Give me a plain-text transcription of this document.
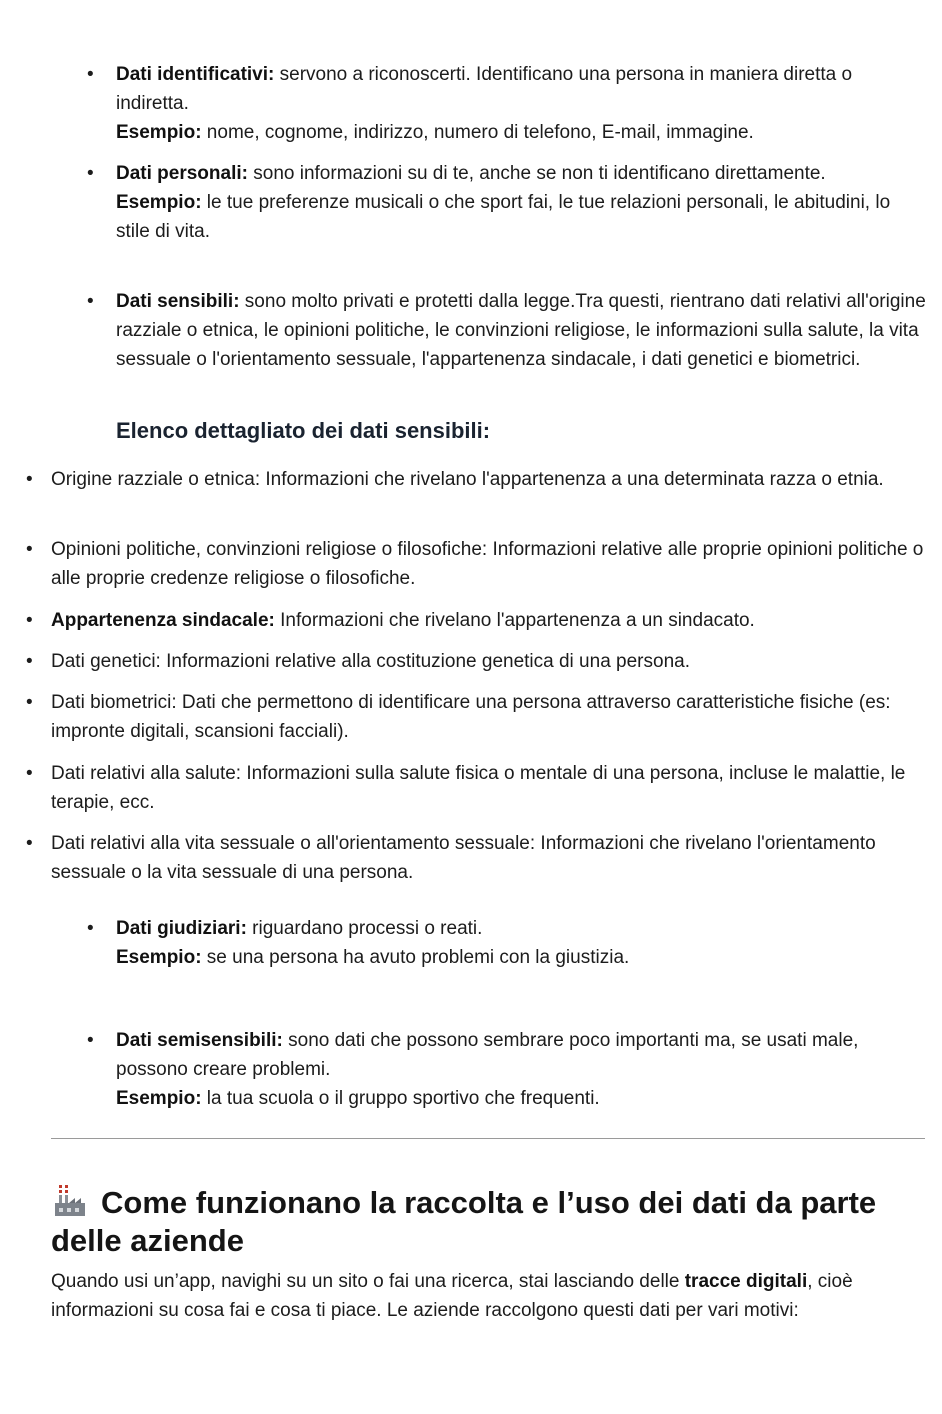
• Dati identificativi: servono a riconoscerti. Identificano una persona in maniera diretta o indiretta.
Esempio: nome, cognome, indirizzo, numero di telefono, E-mail, immagine.
• Dati personali: sono informazioni su di te, anche se non ti identificano direttamente.
Esempio: le tue preferenze musicali o che sport fai, le tue relazioni personali, le abitudini, lo stile di vita.
• Dati sensibili: sono molto privati e protetti dalla legge.Tra questi, rientrano dati relativi all'origine razziale o etnica, le opinioni politiche, le convinzioni religiose, le informazioni sulla salute, la vita sessuale o l'orientamento sessuale, l'appartenenza sindacale, i dati genetici e biometrici.
Elenco dettagliato dei dati sensibili:
• Origine razziale o etnica: Informazioni che rivelano l'appartenenza a una determinata razza o etnia.
• Opinioni politiche, convinzioni religiose o filosofiche: Informazioni relative alle proprie opinioni politiche o alle proprie credenze religiose o filosofiche.
• Appartenenza sindacale: Informazioni che rivelano l'appartenenza a un sindacato.
• Dati genetici: Informazioni relative alla costituzione genetica di una persona.
• Dati biometrici: Dati che permettono di identificare una persona attraverso caratteristiche fisiche (es: impronte digitali, scansioni facciali).
• Dati relativi alla salute: Informazioni sulla salute fisica o mentale di una persona, incluse le malattie, le terapie, ecc.
• Dati relativi alla vita sessuale o all'orientamento sessuale: Informazioni che rivelano l'orientamento sessuale o la vita sessuale di una persona.
• Dati giudiziari: riguardano processi o reati.
Esempio: se una persona ha avuto problemi con la giustizia.
• Dati semisensibili: sono dati che possono sembrare poco importanti ma, se usati male, possono creare problemi.
Esempio: la tua scuola o il gruppo sportivo che frequenti.
Come funzionano la raccolta e l’uso dei dati da parte delle aziende
Quando usi un’app, navighi su un sito o fai una ricerca, stai lasciando delle tracce digitali, cioè informazioni su cosa fai e cosa ti piace. Le aziende raccolgono questi dati per vari motivi:
